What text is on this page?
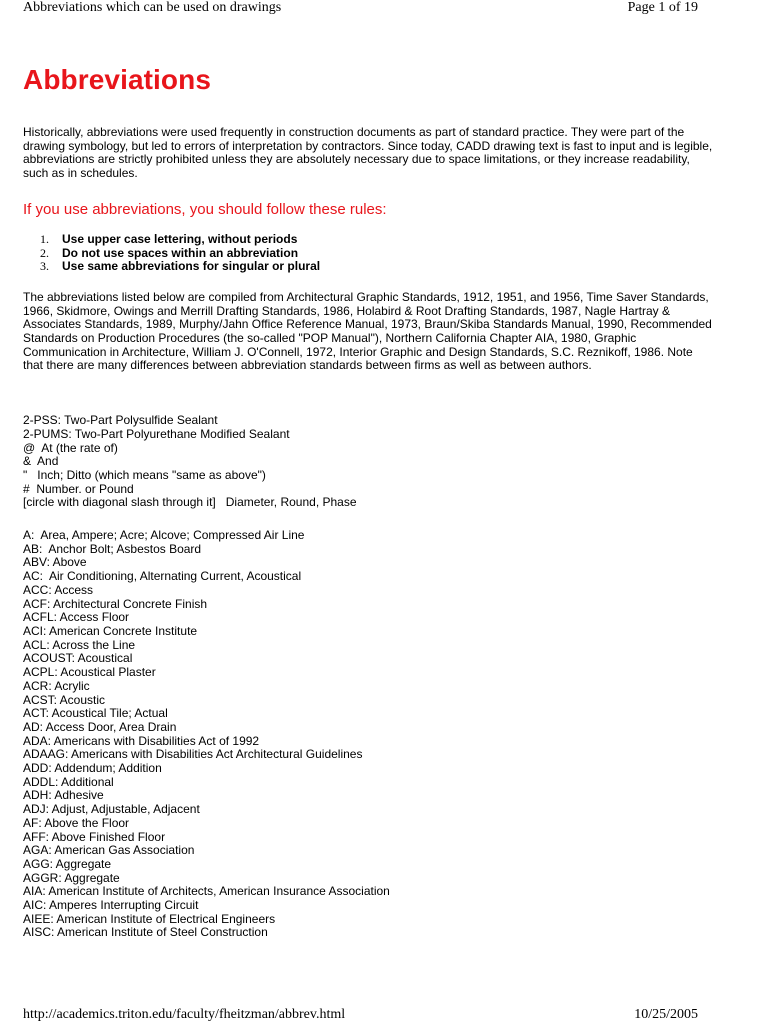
Abbreviations which can be used on drawings	Page 1 of 19
Abbreviations

Historically, abbreviations were used frequently in construction documents as part of standard practice. They were part of the drawing symbology, but led to errors of interpretation by contractors. Since today, CADD drawing text is fast to input and is legible, abbreviations are strictly prohibited unless they are absolutely necessary due to space limitations, or they increase readability, such as in schedules.

If you use abbreviations, you should follow these rules:

1.	Use upper case lettering, without periods
2.	Do not use spaces within an abbreviation
3.	Use same abbreviations for singular or plural

The abbreviations listed below are compiled from Architectural Graphic Standards, 1912, 1951, and 1956, Time Saver Standards, 1966, Skidmore, Owings and Merrill Drafting Standards, 1986, Holabird & Root Drafting Standards, 1987, Nagle Hartray & Associates Standards, 1989, Murphy/Jahn Office Reference Manual, 1973, Braun/Skiba Standards Manual, 1990, Recommended Standards on Production Procedures (the so-called "POP Manual"), Northern California Chapter AIA, 1980, Graphic Communication in Architecture, William J. O'Connell, 1972, Interior Graphic and Design Standards, S.C. Reznikoff, 1986. Note that there are many differences between abbreviation standards between firms as well as between authors.

2-PSS: Two-Part Polysulfide Sealant
2-PUMS: Two-Part Polyurethane Modified Sealant
@  At (the rate of)
&  And
"   Inch; Ditto (which means "same as above")
#  Number. or Pound
[circle with diagonal slash through it]   Diameter, Round, Phase
A:  Area, Ampere; Acre; Alcove; Compressed Air Line
AB:  Anchor Bolt; Asbestos Board
ABV: Above
AC:  Air Conditioning, Alternating Current, Acoustical
ACC: Access
ACF: Architectural Concrete Finish
ACFL: Access Floor
ACI: American Concrete Institute
ACL: Across the Line
ACOUST: Acoustical
ACPL: Acoustical Plaster
ACR: Acrylic
ACST: Acoustic
ACT: Acoustical Tile; Actual
AD: Access Door, Area Drain
ADA: Americans with Disabilities Act of 1992
ADAAG: Americans with Disabilities Act Architectural Guidelines
ADD: Addendum; Addition
ADDL: Additional
ADH: Adhesive
ADJ: Adjust, Adjustable, Adjacent
AF: Above the Floor
AFF: Above Finished Floor
AGA: American Gas Association
AGG: Aggregate
AGGR: Aggregate
AIA: American Institute of Architects, American Insurance Association
AIC: Amperes Interrupting Circuit
AIEE: American Institute of Electrical Engineers
AISC: American Institute of Steel Construction
http://academics.triton.edu/faculty/fheitzman/abbrev.html	10/25/2005
